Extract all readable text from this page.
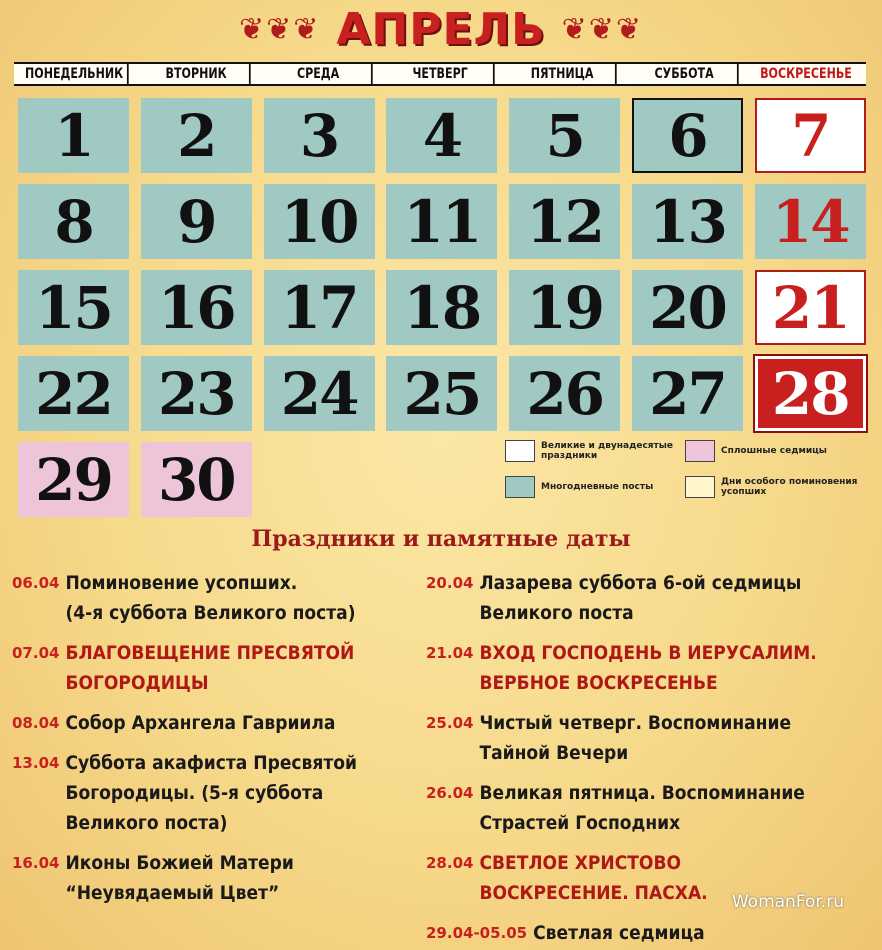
❦❦❦ АПРЕЛЬ ❦❦❦
ПОНЕДЕЛЬНИК	ВТОРНИК	СРЕДА	ЧЕТВЕРГ	ПЯТНИЦА	СУББОТА	ВОСКРЕСЕНЬЕ
1	2	3	4	5	6	7
8	9	10 11 12 13 14
15 16 17 18 19 20 21
22 23 24 25 26 27 28
29 30	Великие и двунадесятые праздники	Сплошные седмицы
Многодневные посты	Дни особого поминовения усопших
Праздники и памятные даты
06.04 Поминовение усопших.
(4-я суббота Великого поста)
07.04 БЛАГОВЕЩЕНИЕ ПРЕСВЯТОЙ
БОГОРОДИЦЫ
08.04 Собор Архангела Гавриила
13.04 Суббота акафиста Пресвятой
Богородицы. (5-я суббота
Великого поста)
16.04 Иконы Божией Матери
“Неувядаемый Цвет”
20.04 Лазарева суббота 6-ой седмицы
Великого поста
21.04 ВХОД ГОСПОДЕНЬ В ИЕРУСАЛИМ.
ВЕРБНОЕ ВОСКРЕСЕНЬЕ
25.04 Чистый четверг. Воспоминание
Тайной Вечери
26.04 Великая пятница. Воспоминание
Страстей Господних
28.04 СВЕТЛОЕ ХРИСТОВО
ВОСКРЕСЕНИЕ. ПАСХА.
29.04-05.05 Светлая седмица
WomanFor.ru
